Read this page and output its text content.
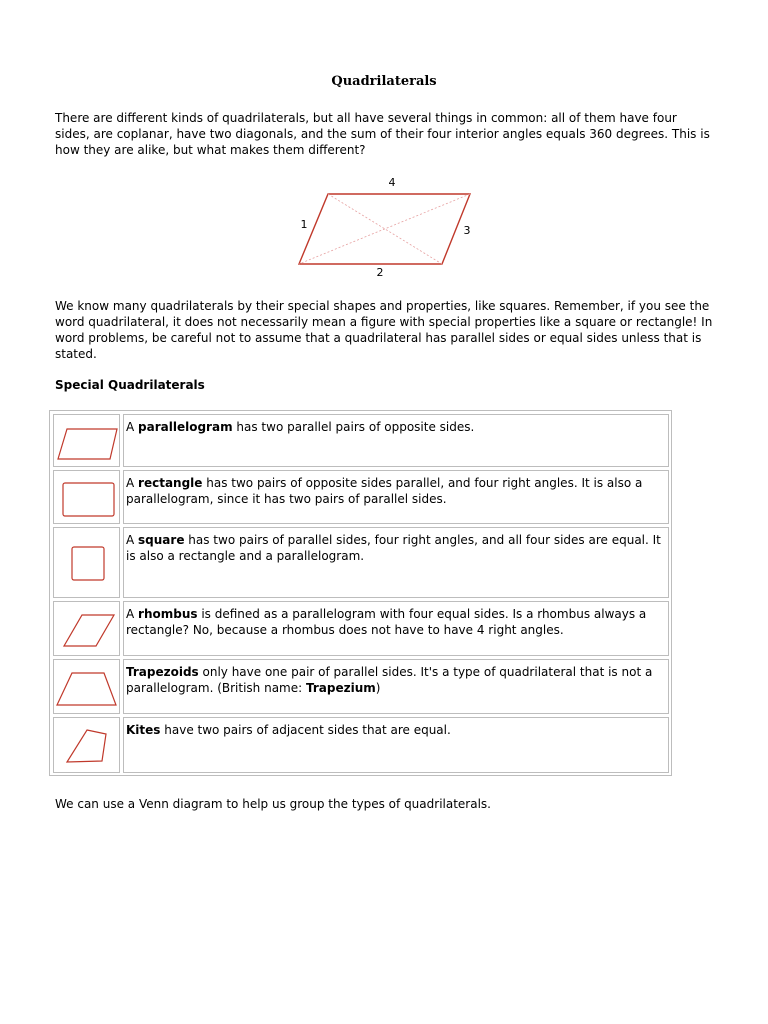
Quadrilaterals

There are different kinds of quadrilaterals, but all have several things in common: all of them have four sides, are coplanar, have two diagonals, and the sum of their four interior angles equals 360 degrees. This is how they are alike, but what makes them different?

4
1	3
2

We know many quadrilaterals by their special shapes and properties, like squares. Remember, if you see the word quadrilateral, it does not necessarily mean a figure with special properties like a square or rectangle! In word problems, be careful not to assume that a quadrilateral has parallel sides or equal sides unless that is stated.

Special Quadrilaterals
A parallelogram has two parallel pairs of opposite sides.
A rectangle has two pairs of opposite sides parallel, and four right angles. It is also a parallelogram, since it has two pairs of parallel sides.
A square has two pairs of parallel sides, four right angles, and all four sides are equal. It is also a rectangle and a parallelogram.
A rhombus is defined as a parallelogram with four equal sides. Is a rhombus always a rectangle? No, because a rhombus does not have to have 4 right angles.
Trapezoids only have one pair of parallel sides. It's a type of quadrilateral that is not a parallelogram. (British name: Trapezium)
Kites have two pairs of adjacent sides that are equal.

We can use a Venn diagram to help us group the types of quadrilaterals.
